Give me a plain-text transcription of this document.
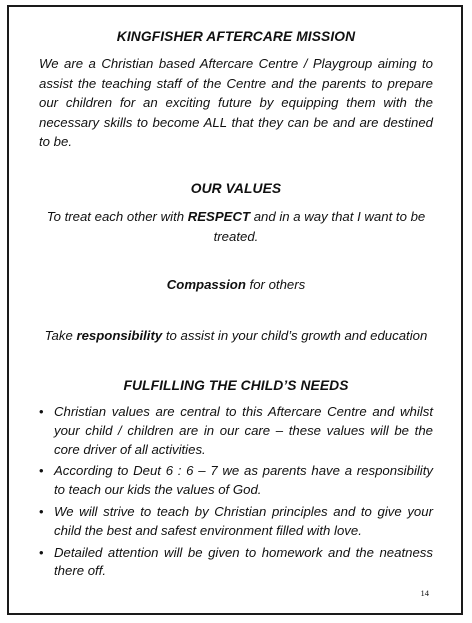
KINGFISHER AFTERCARE MISSION

We are a Christian based Aftercare Centre / Playgroup aiming to assist the teaching staff of the Centre and the parents to prepare our children for an exciting future by equipping them with the necessary skills to become ALL that they can be and are destined to be.

OUR VALUES

To treat each other with RESPECT and in a way that I want to be treated.

Compassion for others

Take responsibility to assist in your child’s growth and education

FULFILLING THE CHILD’S NEEDS
• Christian values are central to this Aftercare Centre and whilst your child / children are in our care – these values will be the core driver of all activities.
• According to Deut 6 : 6 – 7 we as parents have a responsibility to teach our kids the values of God.
• We will strive to teach by Christian principles and to give your child the best and safest environment filled with love.
• Detailed attention will be given to homework and the neatness there off.
14
